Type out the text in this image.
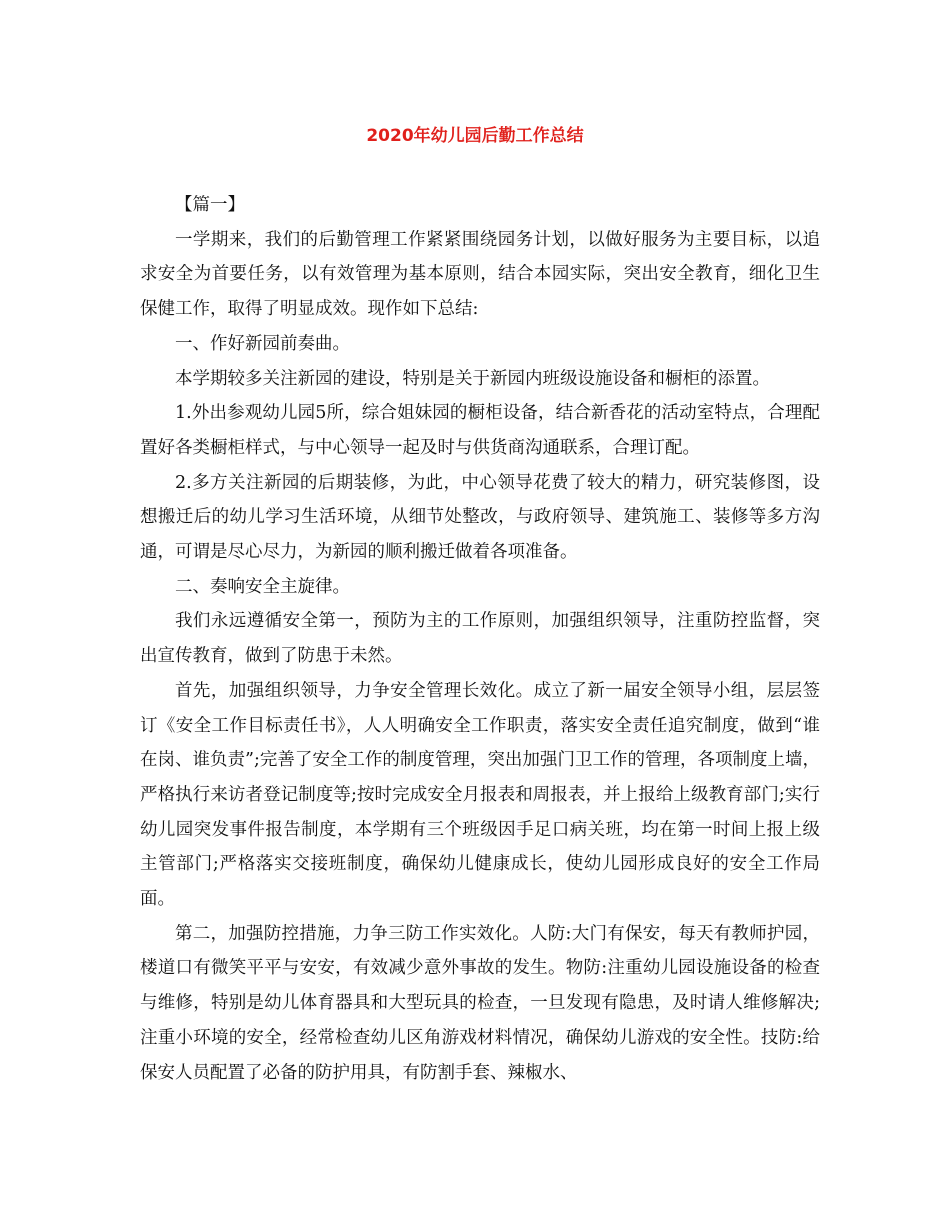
2020年幼儿园后勤工作总结

【篇一】

一学期来，我们的后勤管理工作紧紧围绕园务计划，以做好服务为主要目标，以追求安全为首要任务，以有效管理为基本原则，结合本园实际，突出安全教育，细化卫生保健工作，取得了明显成效。现作如下总结:

一、作好新园前奏曲。

本学期较多关注新园的建设，特别是关于新园内班级设施设备和橱柜的添置。

1.外出参观幼儿园5所，综合姐妹园的橱柜设备，结合新香花的活动室特点，合理配置好各类橱柜样式，与中心领导一起及时与供货商沟通联系，合理订配。

2.多方关注新园的后期装修，为此，中心领导花费了较大的精力，研究装修图，设想搬迁后的幼儿学习生活环境，从细节处整改，与政府领导、建筑施工、装修等多方沟通，可谓是尽心尽力，为新园的顺利搬迁做着各项准备。

二、奏响安全主旋律。

我们永远遵循安全第一，预防为主的工作原则，加强组织领导，注重防控监督，突出宣传教育，做到了防患于未然。

首先，加强组织领导，力争安全管理长效化。成立了新一届安全领导小组，层层签订《安全工作目标责任书》，人人明确安全工作职责，落实安全责任追究制度，做到“谁在岗、谁负责”;完善了安全工作的制度管理，突出加强门卫工作的管理，各项制度上墙，严格执行来访者登记制度等;按时完成安全月报表和周报表，并上报给上级教育部门;实行幼儿园突发事件报告制度，本学期有三个班级因手足口病关班，均在第一时间上报上级主管部门;严格落实交接班制度，确保幼儿健康成长，使幼儿园形成良好的安全工作局面。

第二，加强防控措施，力争三防工作实效化。人防:大门有保安，每天有教师护园，楼道口有微笑平平与安安，有效减少意外事故的发生。物防:注重幼儿园设施设备的检查与维修，特别是幼儿体育器具和大型玩具的检查，一旦发现有隐患，及时请人维修解决;注重小环境的安全，经常检查幼儿区角游戏材料情况，确保幼儿游戏的安全性。技防:给保安人员配置了必备的防护用具，有防割手套、辣椒水、
